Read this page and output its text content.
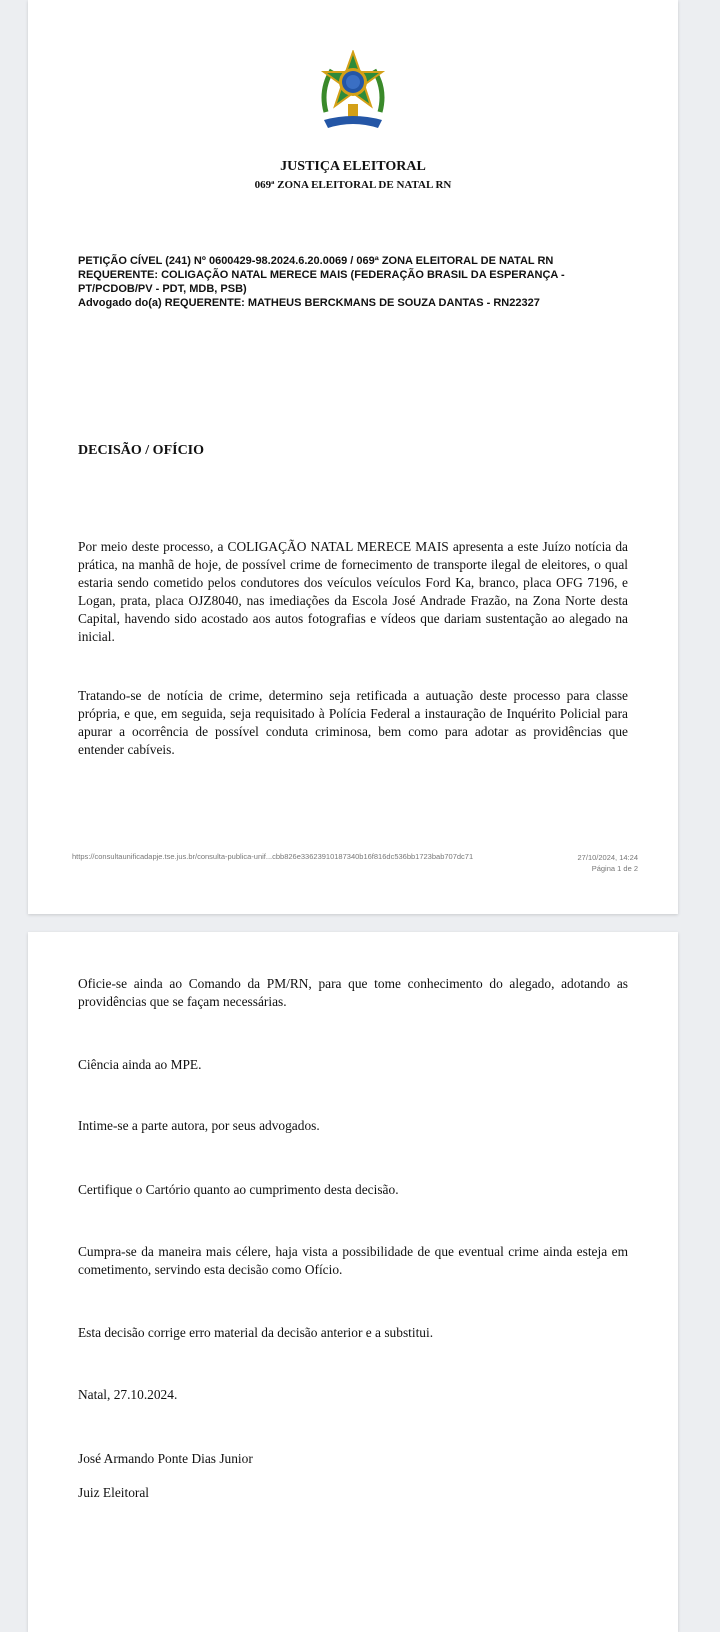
JUSTIÇA ELEITORAL
069ª ZONA ELEITORAL DE NATAL RN
PETIÇÃO CÍVEL (241) Nº 0600429-98.2024.6.20.0069 / 069ª ZONA ELEITORAL DE NATAL RN
REQUERENTE: COLIGAÇÃO NATAL MERECE MAIS (FEDERAÇÃO BRASIL DA ESPERANÇA - PT/PCDOB/PV - PDT, MDB, PSB)
Advogado do(a) REQUERENTE: MATHEUS BERCKMANS DE SOUZA DANTAS - RN22327
DECISÃO / OFÍCIO
Por meio deste processo, a COLIGAÇÃO NATAL MERECE MAIS apresenta a este Juízo notícia da prática, na manhã de hoje, de possível crime de fornecimento de transporte ilegal de eleitores, o qual estaria sendo cometido pelos condutores dos veículos veículos Ford Ka, branco, placa OFG 7196, e Logan, prata, placa OJZ8040, nas imediações da Escola José Andrade Frazão, na Zona Norte desta Capital, havendo sido acostado aos autos fotografias e vídeos que dariam sustentação ao alegado na inicial.
Tratando-se de notícia de crime, determino seja retificada a autuação deste processo para classe própria, e que, em seguida, seja requisitado à Polícia Federal a instauração de Inquérito Policial para apurar a ocorrência de possível conduta criminosa, bem como para adotar as providências que entender cabíveis.
https://consultaunificadapje.tse.jus.br/consulta-publica-unif...cbb826e33623910187340b16f816dc536bb1723bab707dc71	27/10/2024, 14:24
Página 1 de 2
Oficie-se ainda ao Comando da PM/RN, para que tome conhecimento do alegado, adotando as providências que se façam necessárias.
Ciência ainda ao MPE.
Intime-se a parte autora, por seus advogados.
Certifique o Cartório quanto ao cumprimento desta decisão.
Cumpra-se da maneira mais célere, haja vista a possibilidade de que eventual crime ainda esteja em cometimento, servindo esta decisão como Ofício.
Esta decisão corrige erro material da decisão anterior e a substitui.
Natal, 27.10.2024.
José Armando Ponte Dias Junior
Juiz Eleitoral
